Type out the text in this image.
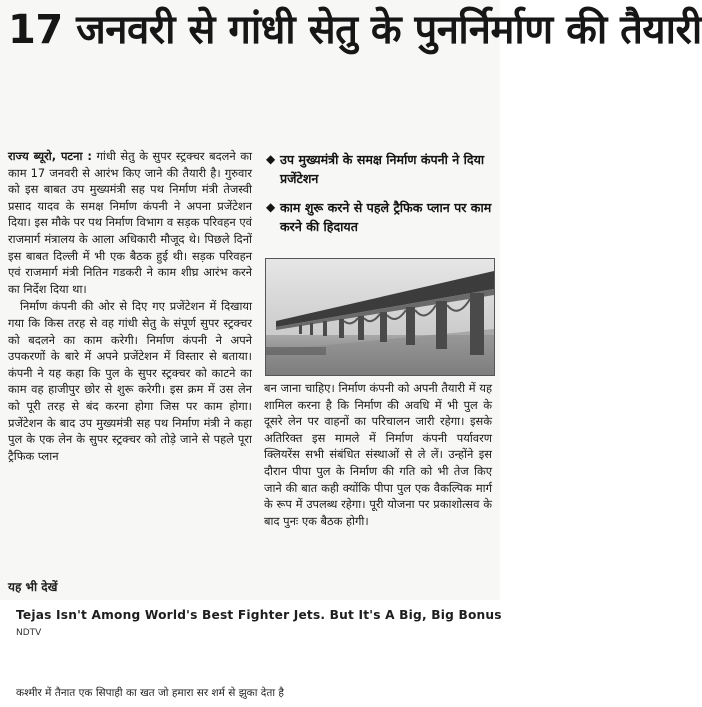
17 जनवरी से गांधी सेतु के पुनर्निर्माण की तैयारी

राज्य ब्यूरो, पटना : गांधी सेतु के सुपर स्ट्रक्चर बदलने का काम 17 जनवरी से आरंभ किए जाने की तैयारी है। गुरुवार को इस बाबत उप मुख्यमंत्री सह पथ निर्माण मंत्री तेजस्वी प्रसाद यादव के समक्ष निर्माण कंपनी ने अपना प्रजेंटेशन दिया। इस मौके पर पथ निर्माण विभाग व सड़क परिवहन एवं राजमार्ग मंत्रालय के आला अधिकारी मौजूद थे। पिछले दिनों इस बाबत दिल्ली में भी एक बैठक हुई थी। सड़क परिवहन एवं राजमार्ग मंत्री नितिन गडकरी ने काम शीघ्र आरंभ करने का निर्देश दिया था।

निर्माण कंपनी की ओर से दिए गए प्रजेंटेशन में दिखाया गया कि किस तरह से वह गांधी सेतु के संपूर्ण सुपर स्ट्रक्चर को बदलने का काम करेगी। निर्माण कंपनी ने अपने उपकरणों के बारे में अपने प्रजेंटेशन में विस्तार से बताया। कंपनी ने यह कहा कि पुल के सुपर स्ट्रक्चर को काटने का काम वह हाजीपुर छोर से शुरू करेगी। इस क्रम में उस लेन को पूरी तरह से बंद करना होगा जिस पर काम होगा। प्रजेंटेशन के बाद उप मुख्यमंत्री सह पथ निर्माण मंत्री ने कहा पुल के एक लेन के सुपर स्ट्रक्चर को तोड़े जाने से पहले पूरा ट्रैफिक प्लान

◆ उप मुख्यमंत्री के समक्ष निर्माण कंपनी ने दिया प्रजेंटेशन
◆ काम शुरू करने से पहले ट्रैफिक प्लान पर काम करने की हिदायत

बन जाना चाहिए। निर्माण कंपनी को अपनी तैयारी में यह शामिल करना है कि निर्माण की अवधि में भी पुल के दूसरे लेन पर वाहनों का परिचालन जारी रहेगा। इसके अतिरिक्त इस मामले में निर्माण कंपनी पर्यावरण क्लियरेंस सभी संबंधित संस्थाओं से ले लें। उन्होंने इस दौरान पीपा पुल के निर्माण की गति को भी तेज किए जाने की बात कही क्योंकि पीपा पुल एक वैकल्पिक मार्ग के रूप में उपलब्ध रहेगा। पूरी योजना पर प्रकाशोत्सव के बाद पुनः एक बैठक होगी।

यह भी देखें
Tejas Isn't Among World's Best Fighter Jets. But It's A Big, Big Bonus
NDTV
कश्मीर में तैनात एक सिपाही का खत जो हमारा सर शर्म से झुका देता है
